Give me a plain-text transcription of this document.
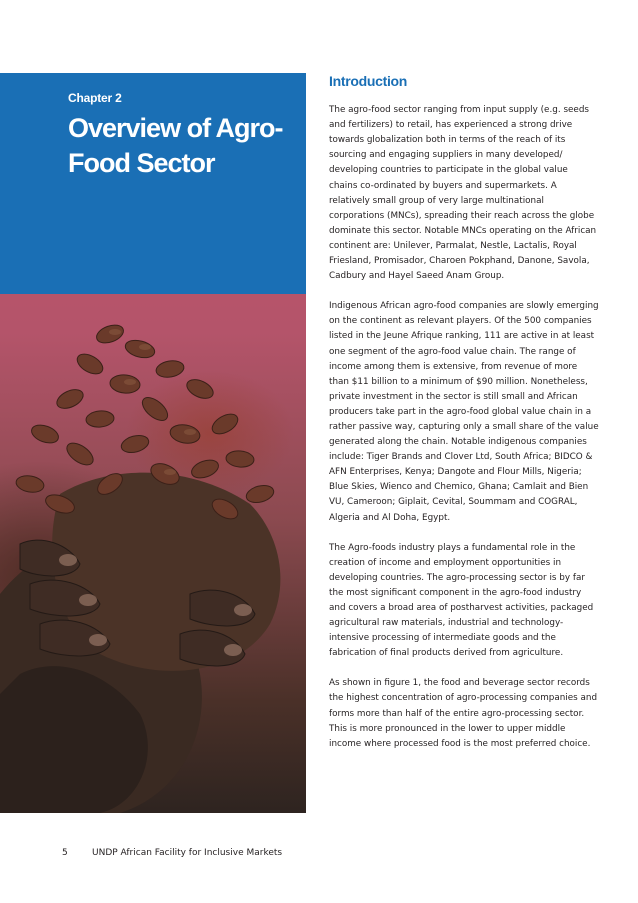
Chapter 2
Overview of Agro-Food Sector
Introduction

The agro-food sector ranging from input supply (e.g. seeds and fertilizers) to retail, has experienced a strong drive towards globalization both in terms of the reach of its sourcing and engaging suppliers in many developed/ developing countries to participate in the global value chains co-ordinated by buyers and supermarkets. A relatively small group of very large multinational corporations (MNCs), spreading their reach across the globe dominate this sector. Notable MNCs operating on the African continent are: Unilever, Parmalat, Nestle, Lactalis, Royal Friesland, Promisador, Charoen Pokphand, Danone, Savola, Cadbury and Hayel Saeed Anam Group.

Indigenous African agro-food companies are slowly emerging on the continent as relevant players. Of the 500 companies listed in the Jeune Afrique ranking, 111 are active in at least one segment of the agro-food value chain. The range of income among them is extensive, from revenue of more than $11 billion to a minimum of $90 million. Nonetheless, private investment in the sector is still small and African producers take part in the agro-food global value chain in a rather passive way, capturing only a small share of the value generated along the chain. Notable indigenous companies include: Tiger Brands and Clover Ltd, South Africa; BIDCO & AFN Enterprises, Kenya; Dangote and Flour Mills, Nigeria; Blue Skies, Wienco and Chemico, Ghana; Camlait and Bien VU, Cameroon; Giplait, Cevital, Soummam and COGRAL, Algeria and Al Doha, Egypt.

The Agro-foods industry plays a fundamental role in the creation of income and employment opportunities in developing countries. The agro-processing sector is by far the most significant component in the agro-food industry and covers a broad area of postharvest activities, packaged agricultural raw materials, industrial and technology-intensive processing of intermediate goods and the fabrication of final products derived from agriculture.

As shown in figure 1, the food and beverage sector records the highest concentration of agro-processing companies and forms more than half of the entire agro-processing sector. This is more pronounced in the lower to upper middle income where processed food is the most preferred choice.

5	UNDP African Facility for Inclusive Markets
